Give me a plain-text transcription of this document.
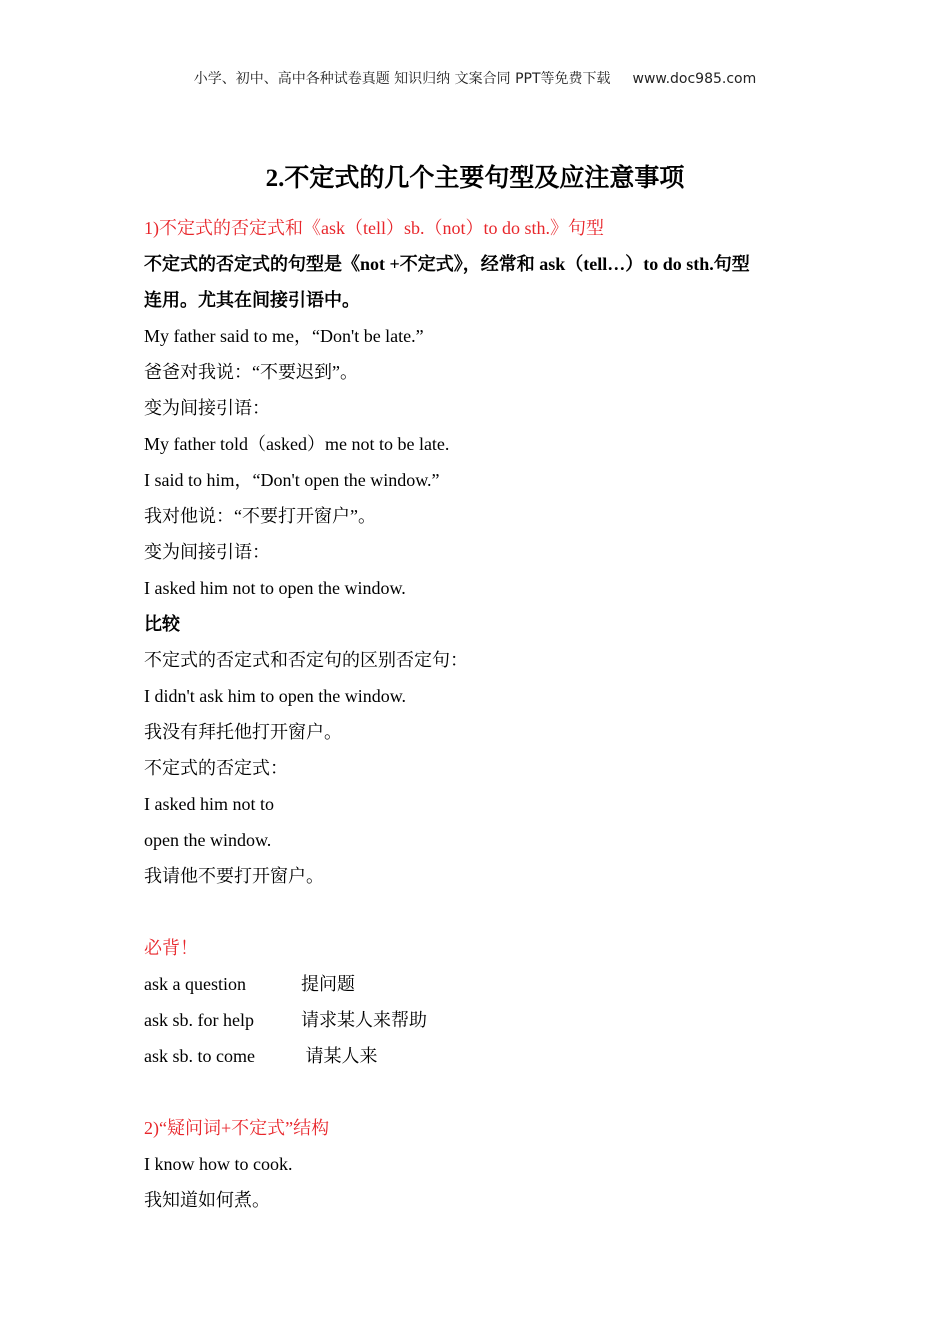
小学、初中、高中各种试卷真题 知识归纳 文案合同 PPT等免费下载 www.doc985.com
2.不定式的几个主要句型及应注意事项
1)不定式的否定式和《ask（tell）sb.（not）to do sth.》句型
不定式的否定式的句型是《not +不定式》，经常和 ask（tell…）to do sth.句型
连用。尤其在间接引语中。
My father said to me，“Don't be late.”
爸爸对我说：“不要迟到”。
变为间接引语：
My father told（asked）me not to be late.
I said to him，“Don't open the window.”
我对他说：“不要打开窗户”。
变为间接引语：
I asked him not to open the window.
比较
不定式的否定式和否定句的区别否定句：
I didn't ask him to open the window.
我没有拜托他打开窗户。
不定式的否定式：
I asked him not to
open the window.
我请他不要打开窗户。
必背！
ask a question	提问题
ask sb. for help	请求某人来帮助
ask sb. to come	请某人来
2)“疑问词+不定式”结构
I know how to cook.
我知道如何煮。
